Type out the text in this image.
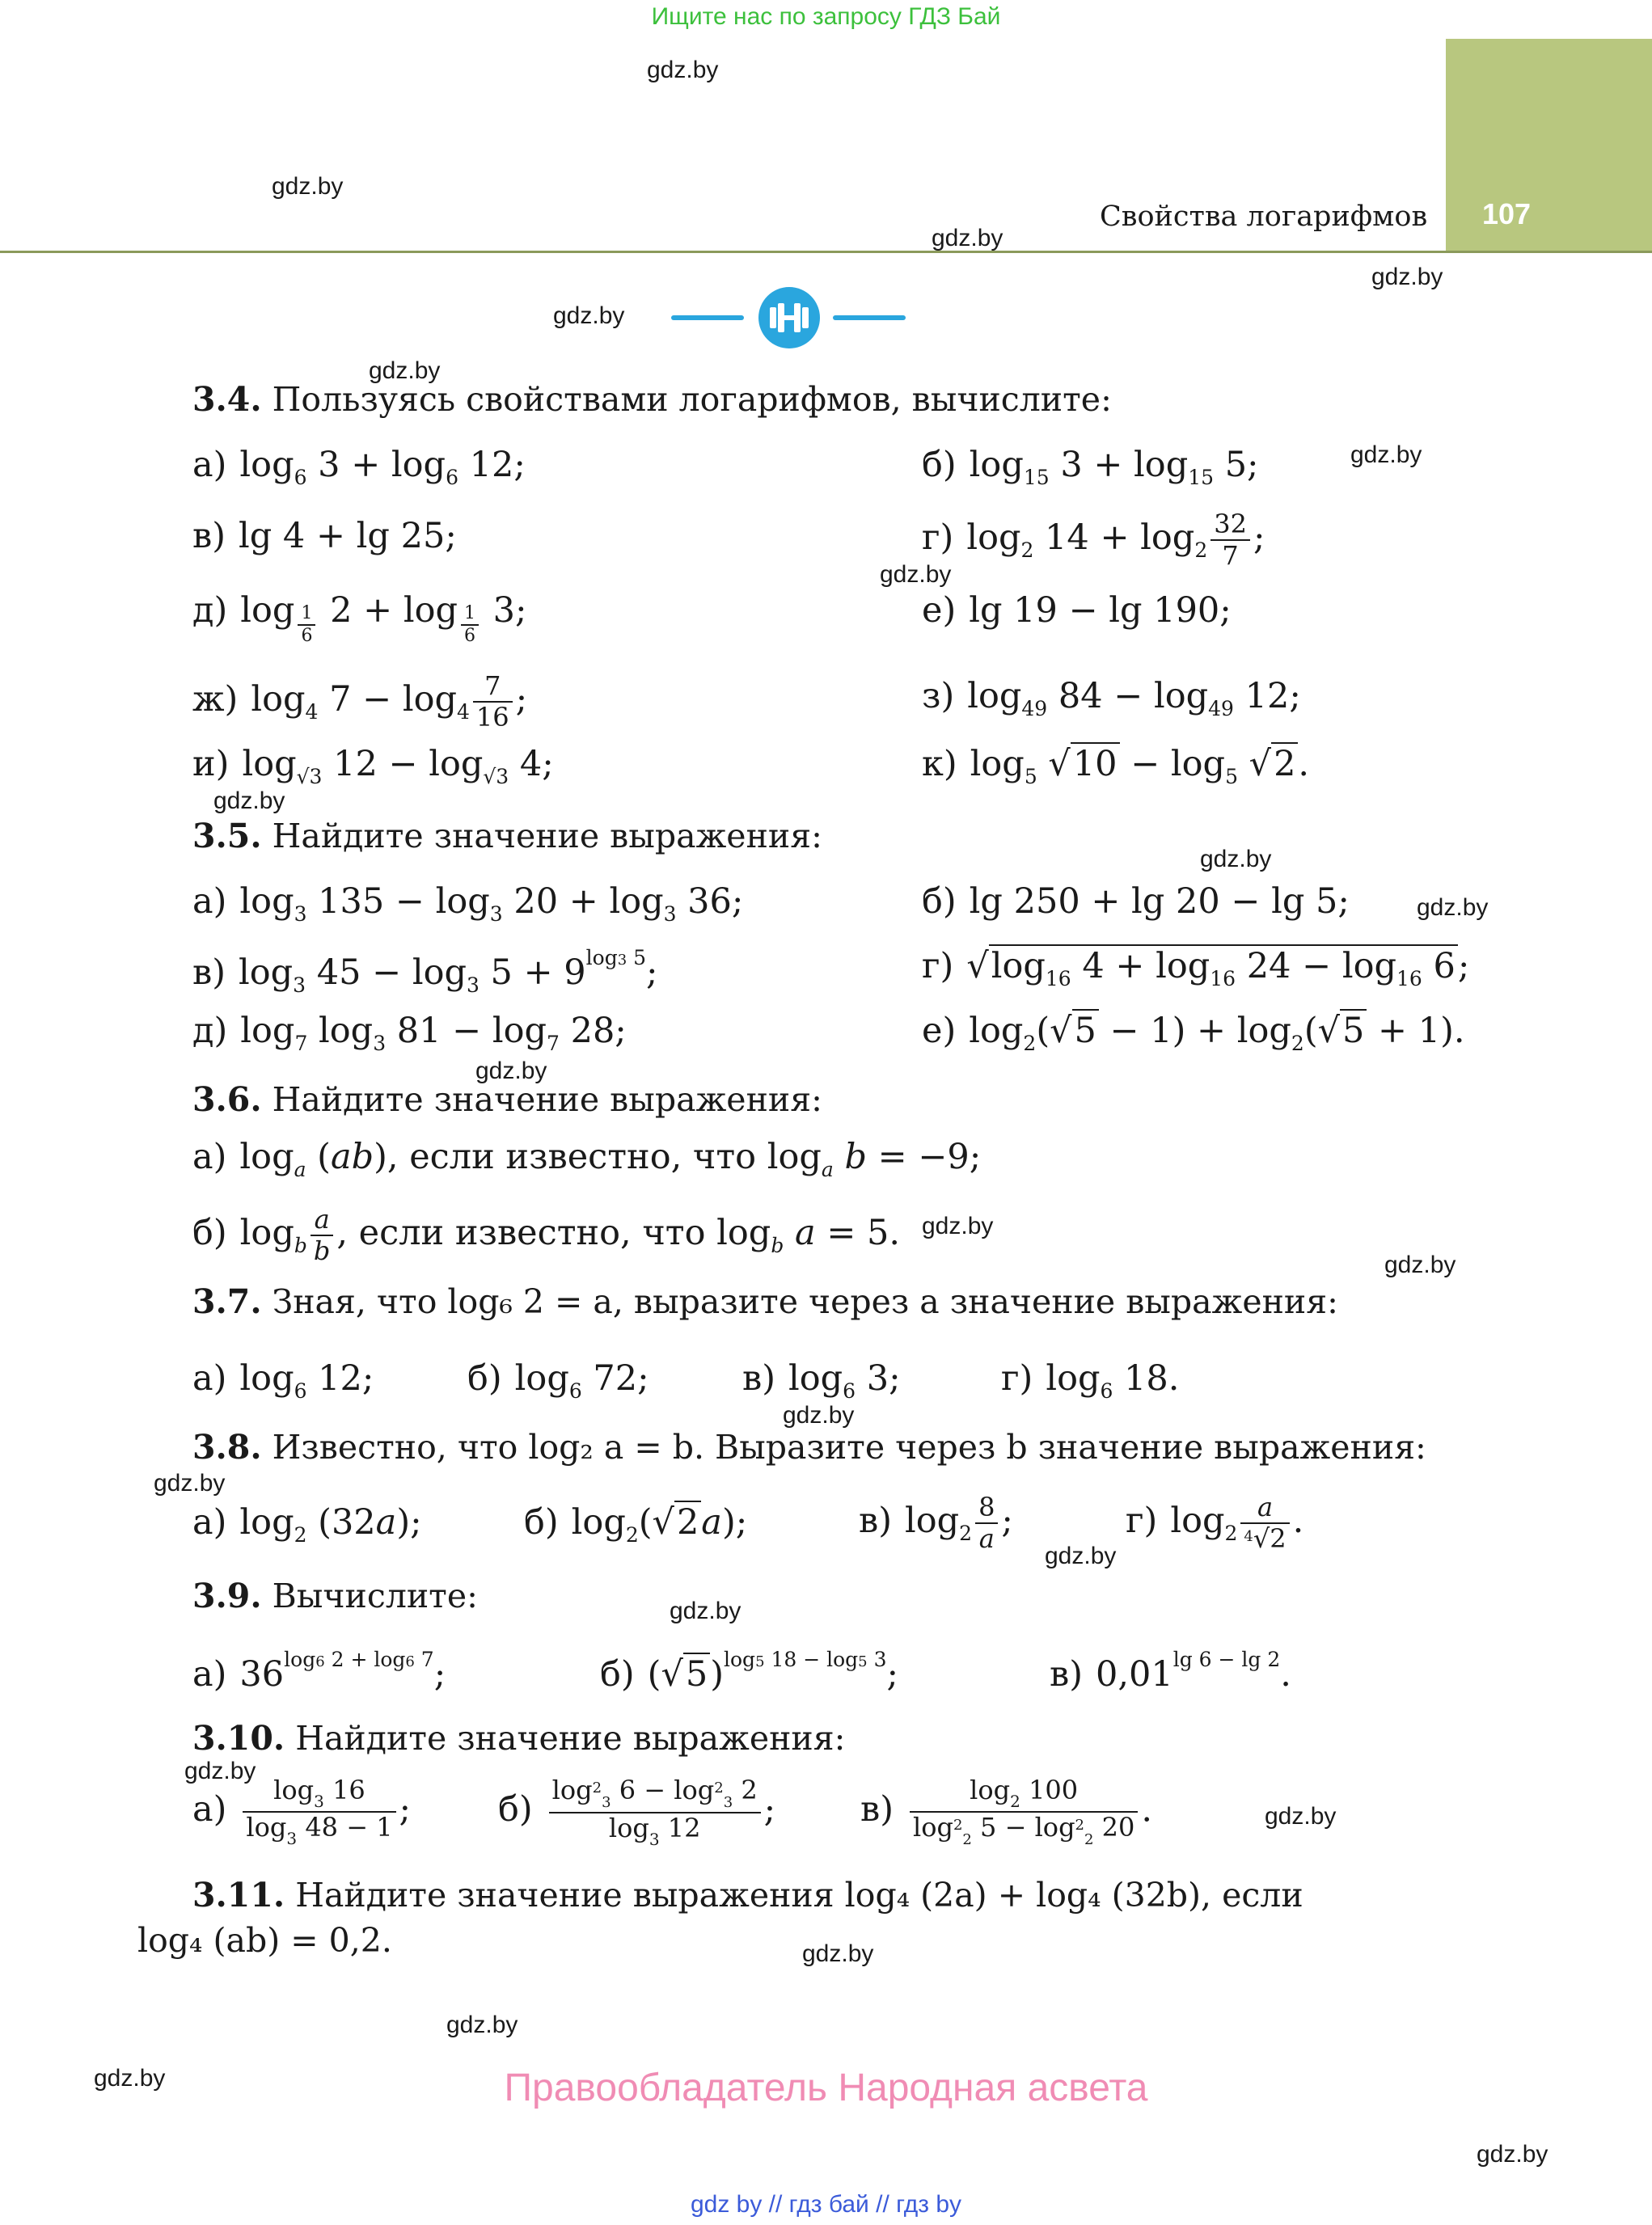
Ищите нас по запросу ГДЗ Бай
107
Свойства логарифмов
3.4. Пользуясь свойствами логарифмов, вычислите:
а) $\log_6 3 + \log_6 12$;	б) $\log_{15} 3 + \log_{15} 5$;
в) lg 4 + lg 25;	г) $\log_2 14 + \log_2 \frac{32}{7}$ ;
д) log $_{\frac{1}{6}}$ 2 + log $_{\frac{1}{6}}$ 3;	е) lg 19 − lg 190;
ж) $\log_4 7 - \log_4 \frac{7}{16}$ ;	з) $\log_{49} 84 - \log_{49} 12$;
и) $\log_{√3} 12 - \log_{√3} 4$;	к) $\log_5 √10 - \log_5 √2$.
3.5. Найдите значение выражения:
а) $\log_3 135 - \log_3 20 + \log_3 36$;	б) lg 250 + lg 20 − lg 5;
в) $\log_3 45 - \log_3 5 + 9^{log3 5}$;	г) $√\log_{16}$ $4 + \log_{16} 24 - \log_{16} 6$;
д) $\log_7 \log_3 81 - \log_7 28$;	е) $\log_2(√5 - 1) + \log_2(√5 + 1)$.
3.6. Найдите значение выражения:
а) $\log_a (ab)$, если известно, что $\log_a b = -9$;
б) $\log_b \frac{a}{b}$ , если известно, что $\log_b a = 5$.
3.7. Зная, что log₆ 2 = a, выразите через a значение выражения:
а) $\log_6 12$;	б) $\log_6 72$;	в) $\log_6 3$;	г) $\log_6 18$.
3.8. Известно, что log₂ a = b. Выразите через b значение выражения:
а) $\log_2 (32a)$;	б) $\log_2(√2a)$;	в) $\log_2 \frac{8}{a}$ ;	г) $\log_2 \frac{a}{^4√2}$ .
3.9. Вычислите:
а) $36^{log6 2 + log6 7}$;	б) $(√5)^{log5 18 - log5 3}$;	в) $0,01^{lg 6 - lg 2}$.
3.10. Найдите значение выражения:
$а) \frac{\log_3 16}{\log_3 48 - 1}$ ;	$б) \frac{\log^2_3 6 - \log^2_3 2}{\log_3 12}$ ; $в) \frac{\log_2 100}{\log^2_2 5 - \log^2_2 20}$ .
3.11. Найдите значение выражения log₄ (2a) + log₄ (32b), если
log₄ (ab) = 0,2.
Правообладатель Народная асвета
gdz by // гдз бай // гдз by
gdz.by
gdz.by
gdz.by
gdz.by
gdz.by
gdz.by
gdz.by
gdz.by
gdz.by
gdz.by
gdz.by
gdz.by
gdz.by
gdz.by
gdz.by
gdz.by
gdz.by
gdz.by
gdz.by
gdz.by
gdz.by
gdz.by
gdz.by
gdz.by
